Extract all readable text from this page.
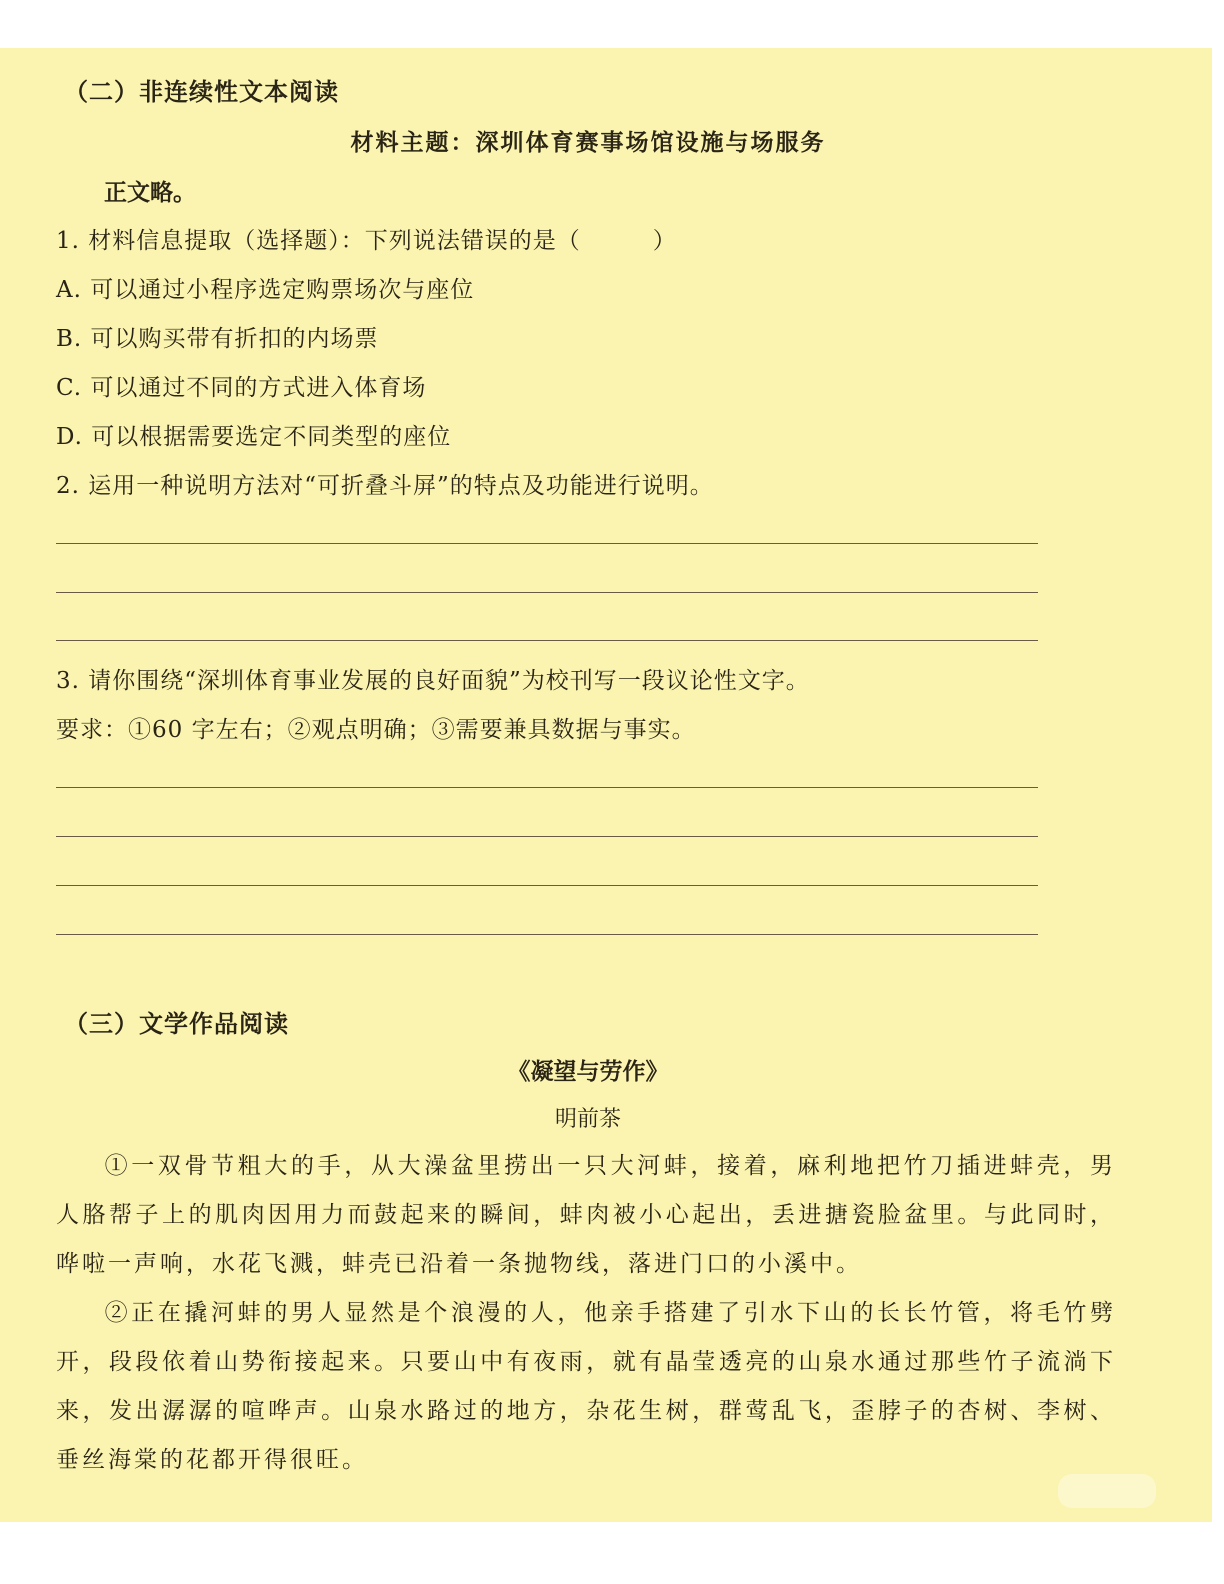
（二）非连续性文本阅读
材料主题：深圳体育赛事场馆设施与场服务
正文略。
1. 材料信息提取（选择题）：下列说法错误的是（　　　）
A. 可以通过小程序选定购票场次与座位
B. 可以购买带有折扣的内场票
C. 可以通过不同的方式进入体育场
D. 可以根据需要选定不同类型的座位
2. 运用一种说明方法对“可折叠斗屏”的特点及功能进行说明。
3. 请你围绕“深圳体育事业发展的良好面貌”为校刊写一段议论性文字。
要求：①60 字左右；②观点明确；③需要兼具数据与事实。
（三）文学作品阅读
《凝望与劳作》
明前茶
①一双骨节粗大的手，从大澡盆里捞出一只大河蚌，接着，麻利地把竹刀插进蚌壳，男人胳帮子上的肌肉因用力而鼓起来的瞬间，蚌肉被小心起出，丢进搪瓷脸盆里。与此同时，哗啦一声响，水花飞溅，蚌壳已沿着一条抛物线，落进门口的小溪中。
②正在撬河蚌的男人显然是个浪漫的人，他亲手搭建了引水下山的长长竹管，将毛竹劈开，段段依着山势衔接起来。只要山中有夜雨，就有晶莹透亮的山泉水通过那些竹子流淌下来，发出潺潺的喧哗声。山泉水路过的地方，杂花生树，群莺乱飞，歪脖子的杏树、李树、垂丝海棠的花都开得很旺。
